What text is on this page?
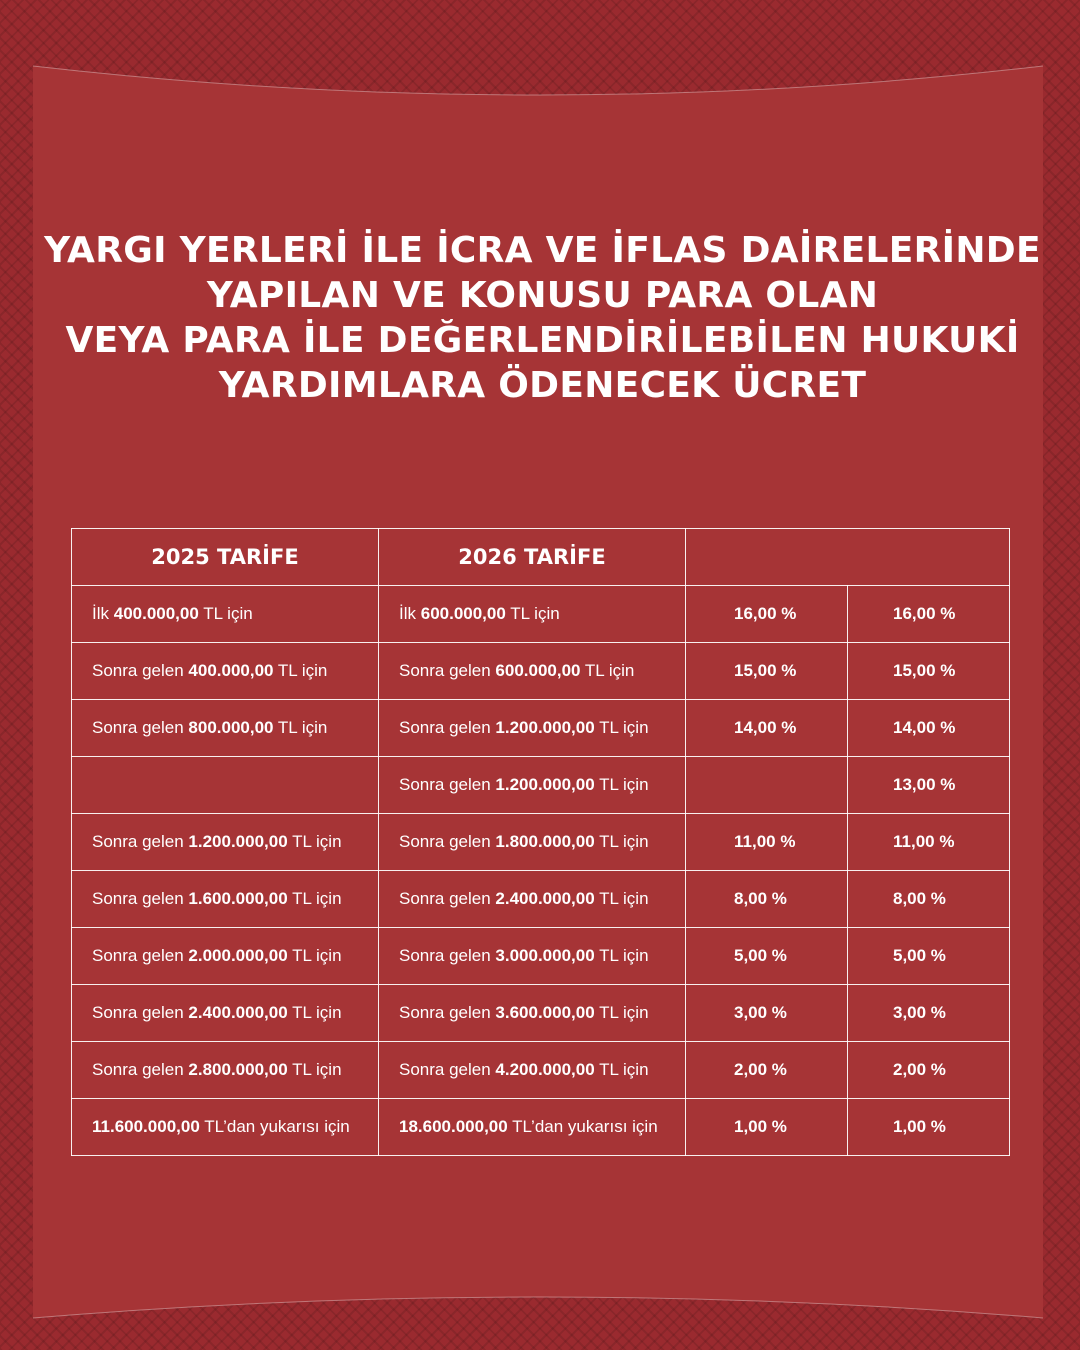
YARGI YERLERİ İLE İCRA VE İFLAS DAİRELERİNDE
YAPILAN VE KONUSU PARA OLAN
VEYA PARA İLE DEĞERLENDİRİLEBİLEN HUKUKİ
YARDIMLARA ÖDENECEK ÜCRET
2025 TARİFE	2026 TARİFE		
İlk 400.000,00 TL için	İlk 600.000,00 TL için	16,00 %	16,00 %
Sonra gelen 400.000,00 TL için	Sonra gelen 600.000,00 TL için	15,00 %	15,00 %
Sonra gelen 800.000,00 TL için	Sonra gelen 1.200.000,00 TL için	14,00 %	14,00 %
	Sonra gelen 1.200.000,00 TL için		13,00 %
Sonra gelen 1.200.000,00 TL için	Sonra gelen 1.800.000,00 TL için	11,00 %	11,00 %
Sonra gelen 1.600.000,00 TL için	Sonra gelen 2.400.000,00 TL için	8,00 %	8,00 %
Sonra gelen 2.000.000,00 TL için	Sonra gelen 3.000.000,00 TL için	5,00 %	5,00 %
Sonra gelen 2.400.000,00 TL için	Sonra gelen 3.600.000,00 TL için	3,00 %	3,00 %
Sonra gelen 2.800.000,00 TL için	Sonra gelen 4.200.000,00 TL için	2,00 %	2,00 %
11.600.000,00 TL’dan yukarısı için	18.600.000,00 TL’dan yukarısı için	1,00 %	1,00 %
